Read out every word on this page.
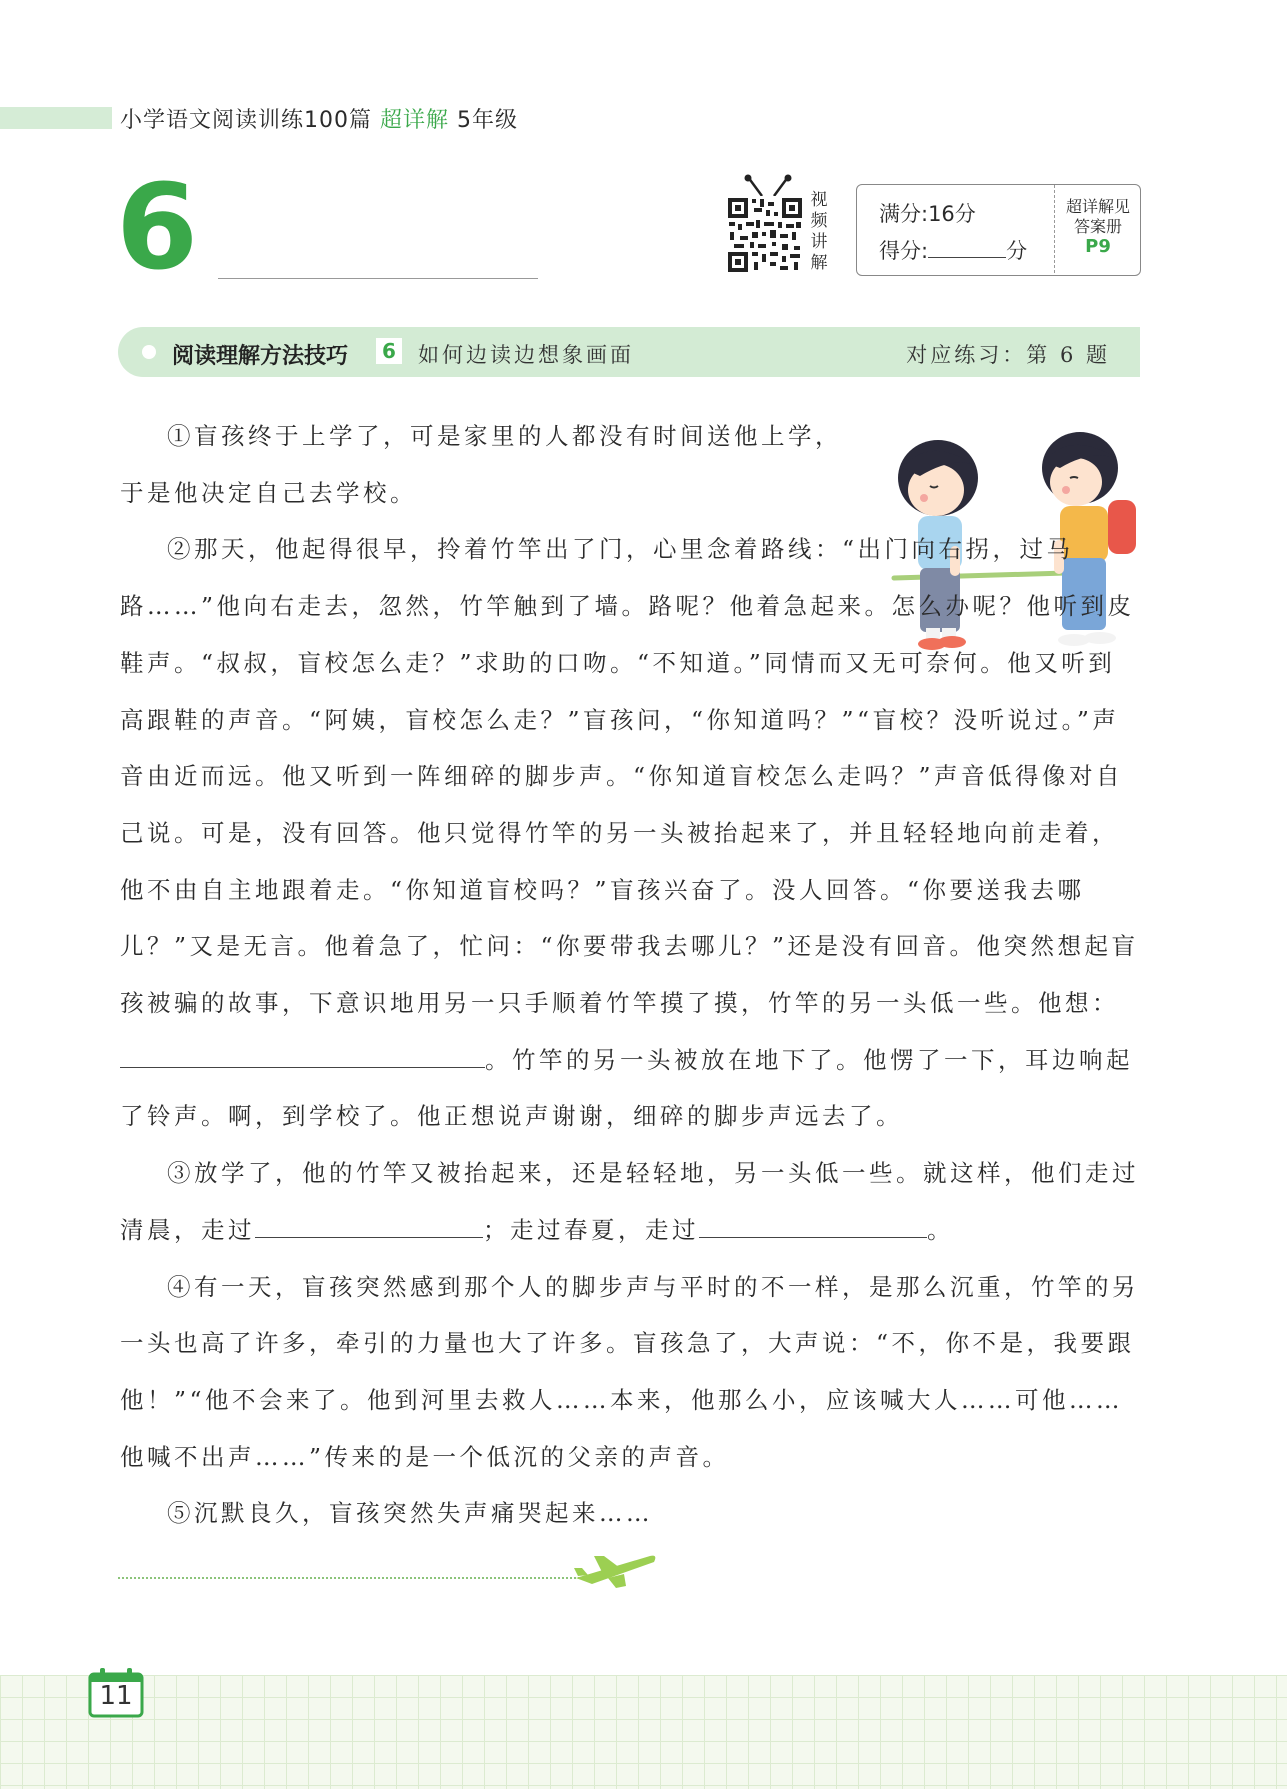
小学语文阅读训练100篇 超详解 5年级
6	视
频
讲
解
满分:16分
得分:	分
超详解见
答案册
P9
阅读理解方法技巧	6 如何边读边想象画面	对应练习：第 6 题

①盲孩终于上学了，可是家里的人都没有时间送他上学，于是他决定自己去学校。

②那天，他起得很早，拎着竹竿出了门，心里念着路线：“出门向右拐，过马路……”他向右走去，忽然，竹竿触到了墙。路呢？他着急起来。怎么办呢？他听到皮鞋声。“叔叔，盲校怎么走？”求助的口吻。“不知道。”同情而又无可奈何。他又听到高跟鞋的声音。“阿姨，盲校怎么走？”盲孩问，“你知道吗？”“盲校？没听说过。”声音由近而远。他又听到一阵细碎的脚步声。“你知道盲校怎么走吗？”声音低得像对自己说。可是，没有回答。他只觉得竹竿的另一头被抬起来了，并且轻轻地向前走着，他不由自主地跟着走。“你知道盲校吗？”盲孩兴奋了。没人回答。“你要送我去哪儿？”又是无言。他着急了，忙问：“你要带我去哪儿？”还是没有回音。他突然想起盲孩被骗的故事，下意识地用另一只手顺着竹竿摸了摸，竹竿的另一头低一些。他想：。竹竿的另一头被放在地下了。他愣了一下，耳边响起了铃声。啊，到学校了。他正想说声谢谢，细碎的脚步声远去了。

③放学了，他的竹竿又被抬起来，还是轻轻地，另一头低一些。就这样，他们走过清晨，走过	；走过春夏，走过	。

④有一天，盲孩突然感到那个人的脚步声与平时的不一样，是那么沉重，竹竿的另一头也高了许多，牵引的力量也大了许多。盲孩急了，大声说：“不，你不是，我要跟他！”“他不会来了。他到河里去救人……本来，他那么小，应该喊大人……可他……他喊不出声……”传来的是一个低沉的父亲的声音。

⑤沉默良久，盲孩突然失声痛哭起来……

11
